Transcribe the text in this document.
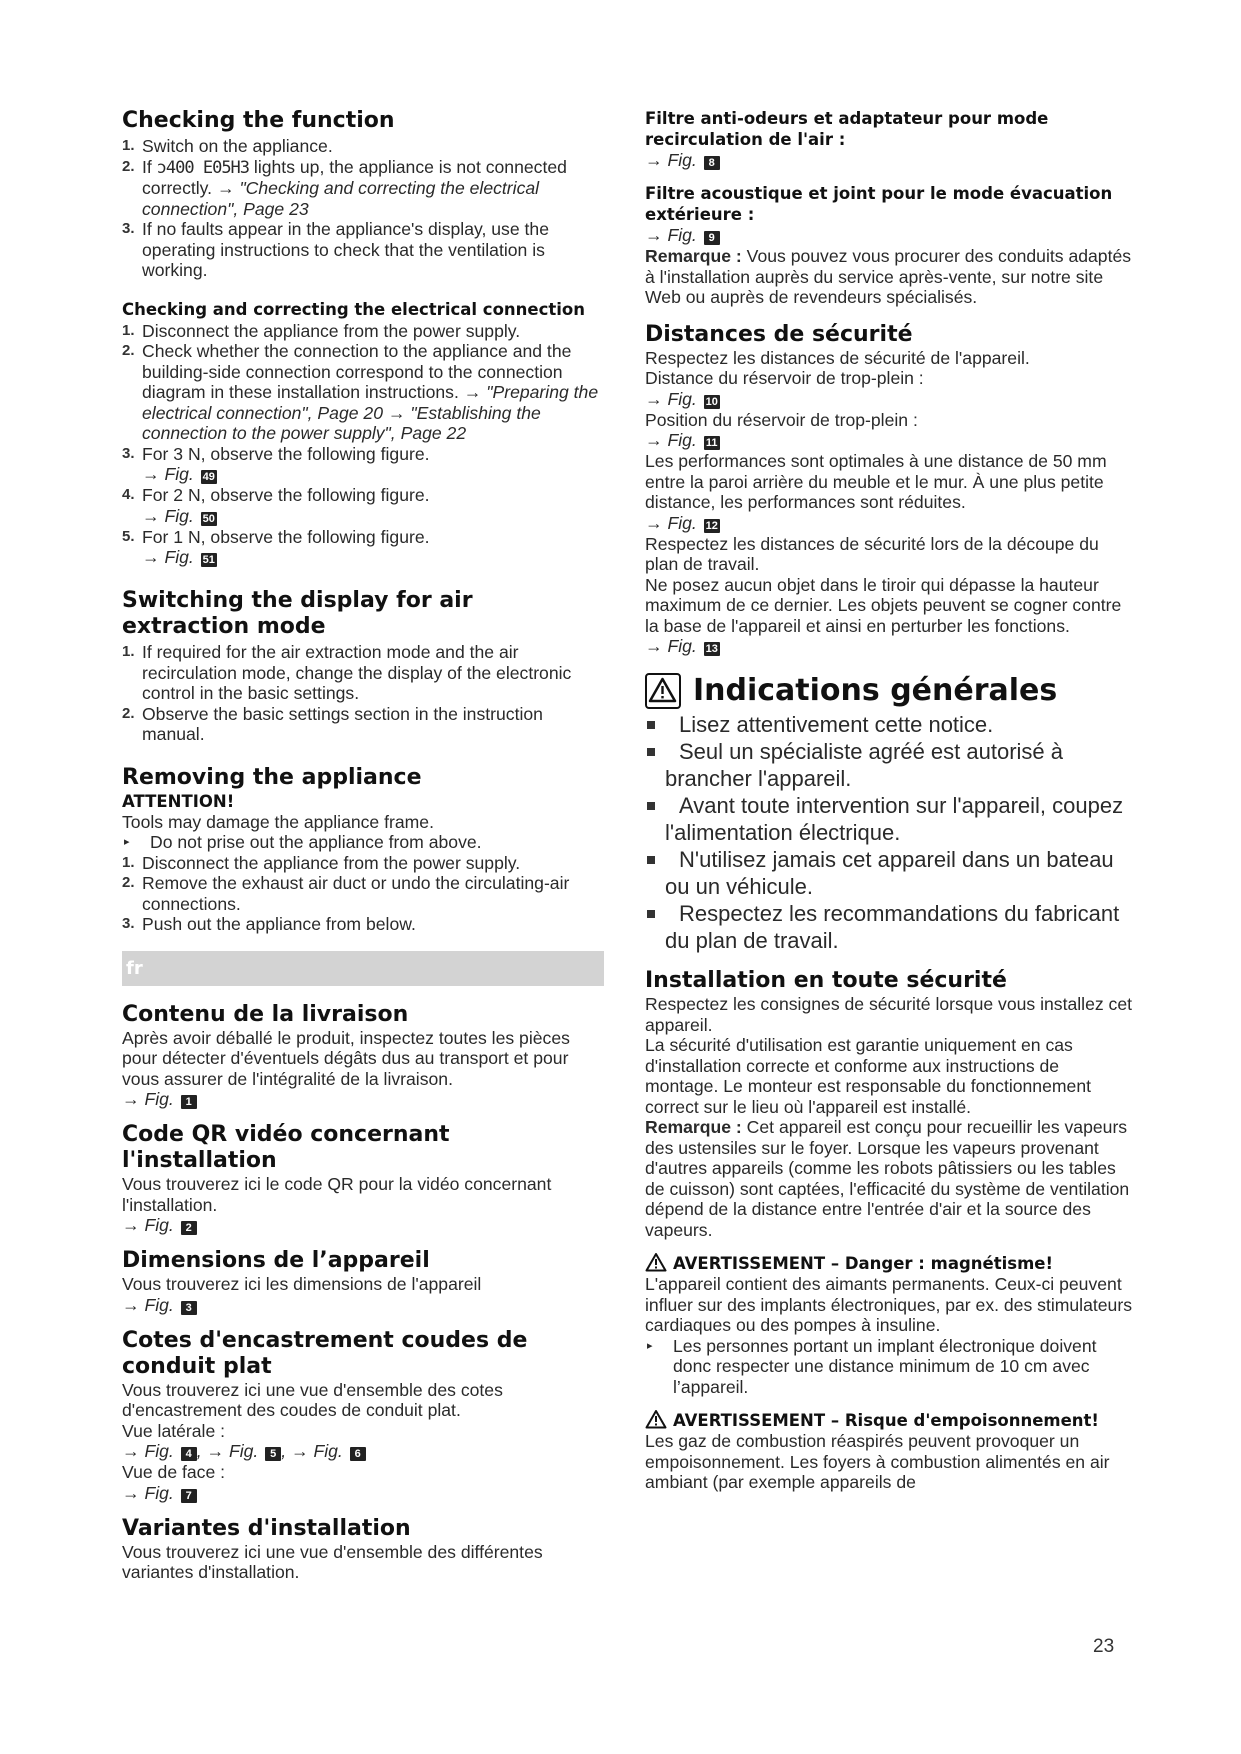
Checking the function
1. Switch on the appliance.
2. If ɔ400 E05H3 lights up, the appliance is not connected correctly. → "Checking and correcting the electrical connection", Page 23
3. If no faults appear in the appliance's display, use the operating instructions to check that the ventilation is working.
Checking and correcting the electrical connection
1. Disconnect the appliance from the power supply.
2. Check whether the connection to the appliance and the building-side connection correspond to the connection diagram in these installation instructions. → "Preparing the electrical connection", Page 20 → "Establishing the connection to the power supply", Page 22
3. For 3 N, observe the following figure.
→ Fig. 49
4. For 2 N, observe the following figure.
→ Fig. 50
5. For 1 N, observe the following figure.
→ Fig. 51
Switching the display for air extraction mode
1. If required for the air extraction mode and the air recirculation mode, change the display of the electronic control in the basic settings.
2. Observe the basic settings section in the instruction manual.
Removing the appliance

ATTENTION!

Tools may damage the appliance frame.

▸ Do not prise out the appliance from above.
1. Disconnect the appliance from the power supply.
2. Remove the exhaust air duct or undo the circulating-air connections.
3. Push out the appliance from below.
fr
Contenu de la livraison

Après avoir déballé le produit, inspectez toutes les pièces pour détecter d'éventuels dégâts dus au transport et pour vous assurer de l'intégralité de la livraison.

→ Fig. 1
Code QR vidéo concernant l'installation

Vous trouverez ici le code QR pour la vidéo concernant l'installation.

→ Fig. 2
Dimensions de l’appareil

Vous trouverez ici les dimensions de l'appareil

→ Fig. 3
Cotes d'encastrement coudes de conduit plat

Vous trouverez ici une vue d'ensemble des cotes d'encastrement des coudes de conduit plat.

Vue latérale :

→ Fig. 4 , → Fig. 5 , → Fig. 6

Vue de face :

→ Fig. 7
Variantes d'installation

Vous trouverez ici une vue d'ensemble des différentes variantes d'installation.

Filtre anti-odeurs et adaptateur pour mode recirculation de l'air :
→ Fig. 8
Filtre acoustique et joint pour le mode évacuation extérieure :
→ Fig. 9

Remarque : Vous pouvez vous procurer des conduits adaptés à l'installation auprès du service après-vente, sur notre site Web ou auprès de revendeurs spécialisés.

Distances de sécurité

Respectez les distances de sécurité de l'appareil.

Distance du réservoir de trop-plein :

→ Fig. 10

Position du réservoir de trop-plein :

→ Fig. 11

Les performances sont optimales à une distance de 50 mm entre la paroi arrière du meuble et le mur. À une plus petite distance, les performances sont réduites.

→ Fig. 12

Respectez les distances de sécurité lors de la découpe du plan de travail.

Ne posez aucun objet dans le tiroir qui dépasse la hauteur maximum de ce dernier. Les objets peuvent se cogner contre la base de l'appareil et ainsi en perturber les fonctions.

→ Fig. 13
Indications générales
Lisez attentivement cette notice.
Seul un spécialiste agréé est autorisé à brancher l'appareil.
Avant toute intervention sur l'appareil, coupez l'alimentation électrique.
N'utilisez jamais cet appareil dans un bateau ou un véhicule.
Respectez les recommandations du fabricant du plan de travail.
Installation en toute sécurité

Respectez les consignes de sécurité lorsque vous installez cet appareil.

La sécurité d'utilisation est garantie uniquement en cas d'installation correcte et conforme aux instructions de montage. Le monteur est responsable du fonctionnement correct sur le lieu où l'appareil est installé.

Remarque : Cet appareil est conçu pour recueillir les vapeurs des ustensiles sur le foyer. Lorsque les vapeurs provenant d'autres appareils (comme les robots pâtissiers ou les tables de cuisson) sont captées, l'efficacité du système de ventilation dépend de la distance entre l'entrée d'air et la source des vapeurs.

AVERTISSEMENT – Danger : magnétisme!

L'appareil contient des aimants permanents. Ceux-ci peuvent influer sur des implants électroniques, par ex. des stimulateurs cardiaques ou des pompes à insuline.

▸ Les personnes portant un implant électronique doivent donc respecter une distance minimum de 10 cm avec l’appareil.
AVERTISSEMENT – Risque d'empoisonnement!

Les gaz de combustion réaspirés peuvent provoquer un empoisonnement. Les foyers à combustion alimentés en air ambiant (par exemple appareils de

23
